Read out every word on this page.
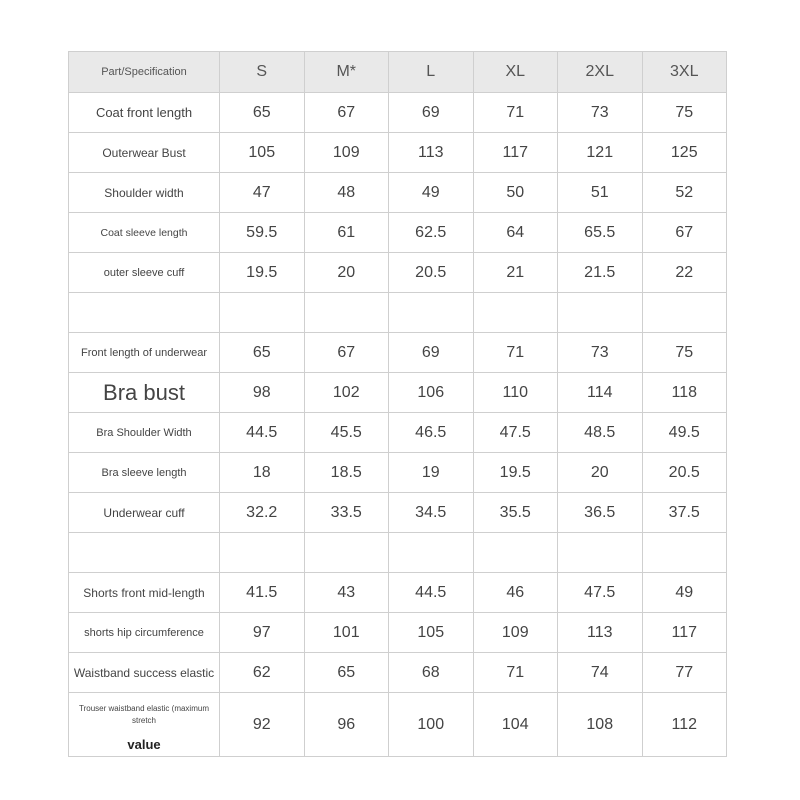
Part/Specification	S	M*	L	XL	2XL	3XL
Coat front length	65	67	69	71	73	75
Outerwear Bust	105	109	113	117	121	125
Shoulder width	47	48	49	50	51	52
Coat sleeve length	59.5	61	62.5	64	65.5	67
outer sleeve cuff	19.5	20	20.5	21	21.5	22

Front length of underwear	65	67	69	71	73	75
Bra bust	98	102	106	110	114	118
Bra Shoulder Width	44.5	45.5	46.5	47.5	48.5	49.5
Bra sleeve length	18	18.5	19	19.5	20	20.5
Underwear cuff	32.2	33.5	34.5	35.5	36.5	37.5

Shorts front mid-length	41.5	43	44.5	46	47.5	49
shorts hip circumference	97	101	105	109	113	117
Waistband success elastic	62	65	68	71	74	77
Trouser waistband elastic (maximum stretch
value	92	96	100	104	108	112
